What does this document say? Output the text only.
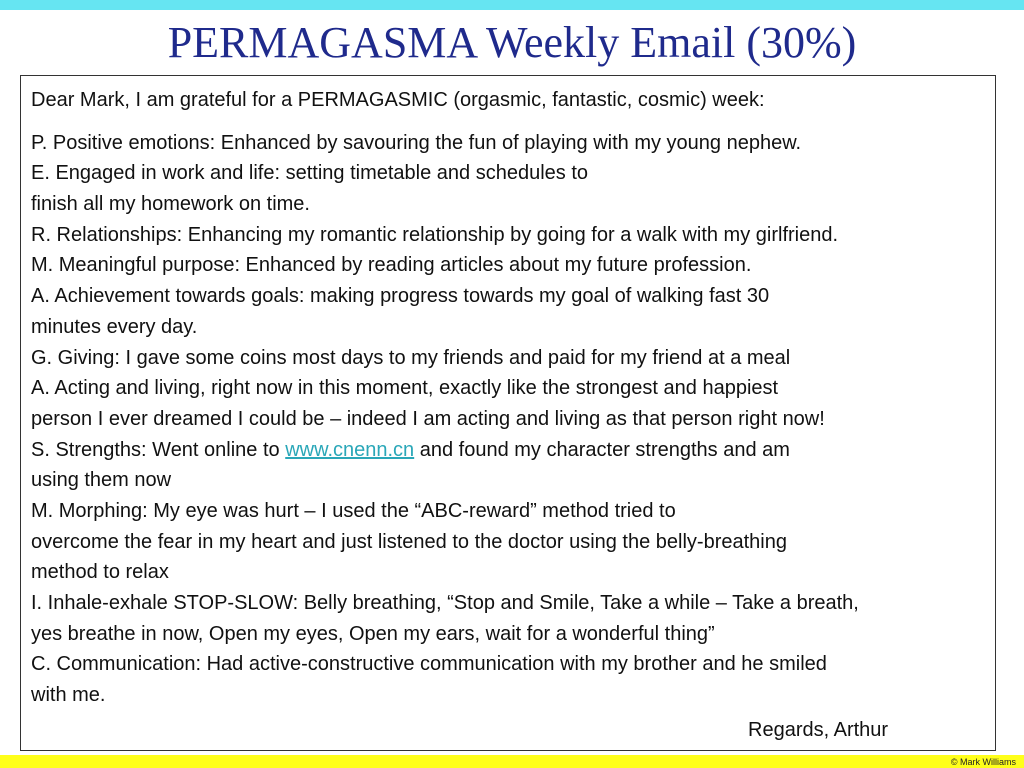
PERMAGASMA Weekly Email (30%)
Dear Mark, I am grateful for a PERMAGASMIC (orgasmic, fantastic, cosmic) week:
P. Positive emotions: Enhanced by savouring the fun of playing with my young nephew.
E. Engaged in work and life: setting timetable and schedules to
finish all my homework on time.
R. Relationships: Enhancing my romantic relationship by going for a walk with my girlfriend.
M. Meaningful purpose: Enhanced by reading articles about my future profession.
A. Achievement towards goals: making progress towards my goal of walking fast 30
minutes every day.
G. Giving: I gave some coins most days to my friends and paid for my friend at a meal
A. Acting and living, right now in this moment, exactly like the strongest and happiest
person I ever dreamed I could be – indeed I am acting and living as that person right now!
S. Strengths: Went online to www.cnenn.cn and found my character strengths and am
using them now
M. Morphing: My eye was hurt – I used the “ABC-reward” method tried to
overcome the fear in my heart and just listened to the doctor using the belly-breathing
method to relax
I. Inhale-exhale STOP-SLOW: Belly breathing, “Stop and Smile, Take a while – Take a breath,
yes breathe in now, Open my eyes, Open my ears, wait for a wonderful thing”
C. Communication: Had active-constructive communication with my brother and he smiled
with me.
Regards, Arthur
© Mark Williams
